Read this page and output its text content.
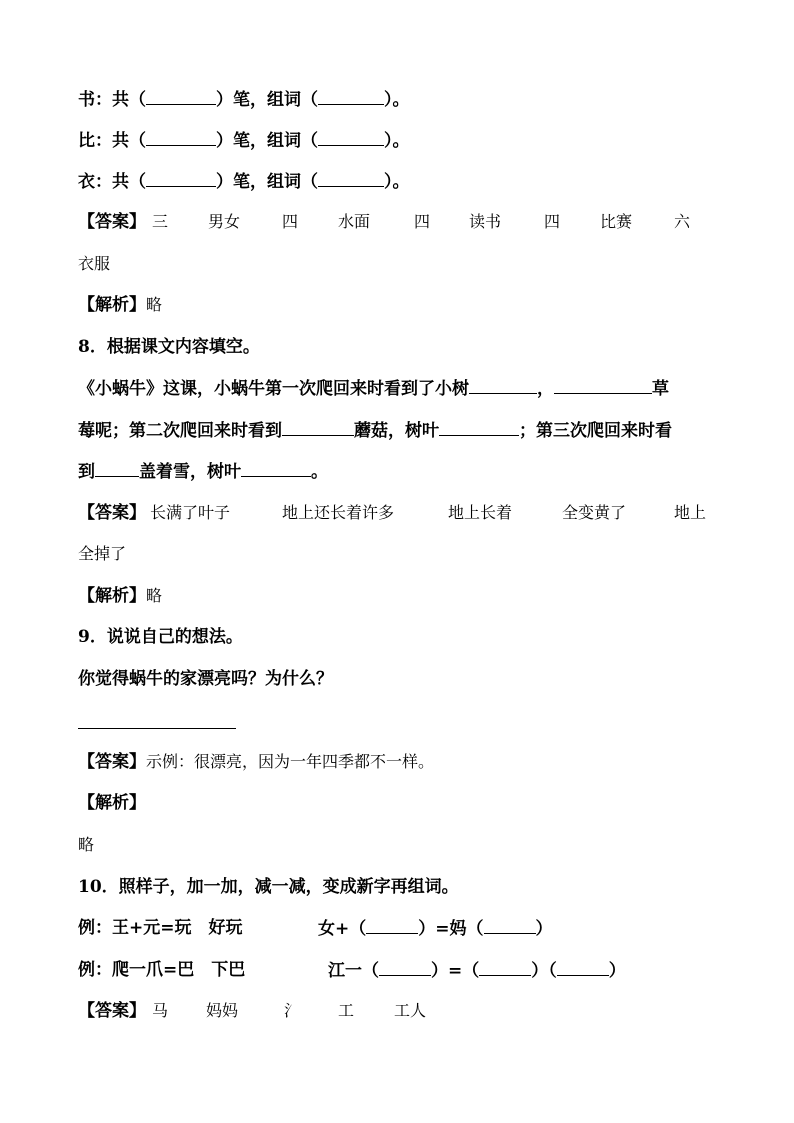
书：共（	）笔，组词（	）。
比：共（	）笔，组词（	）。
衣：共（	）笔，组词（	）。
【答案】 三 男女	四 水面	四 读书	四 比赛	六
衣服
【解析】略
8．根据课文内容填空。
《小蜗牛》这课，小蜗牛第一次爬回来时看到了小树	，	草
莓呢；第二次爬回来时看到	蘑菇，树叶	；第三次爬回来时看
到	盖着雪，树叶	。
【答案】 长满了叶子	地上还长着许多	地上长着	全变黄了	地上
全掉了
【解析】略
9．说说自己的想法。
你觉得蜗牛的家漂亮吗？为什么？
【答案】示例：很漂亮，因为一年四季都不一样。
【解析】
略
10．照样子，加一加，减一减，变成新字再组词。
例：王+元=玩　好玩	女+（	）=妈（	）
例：爬一爪=巴　下巴	江一（	）=（	）（	）
【答案】 马 妈妈	氵 工 工人
